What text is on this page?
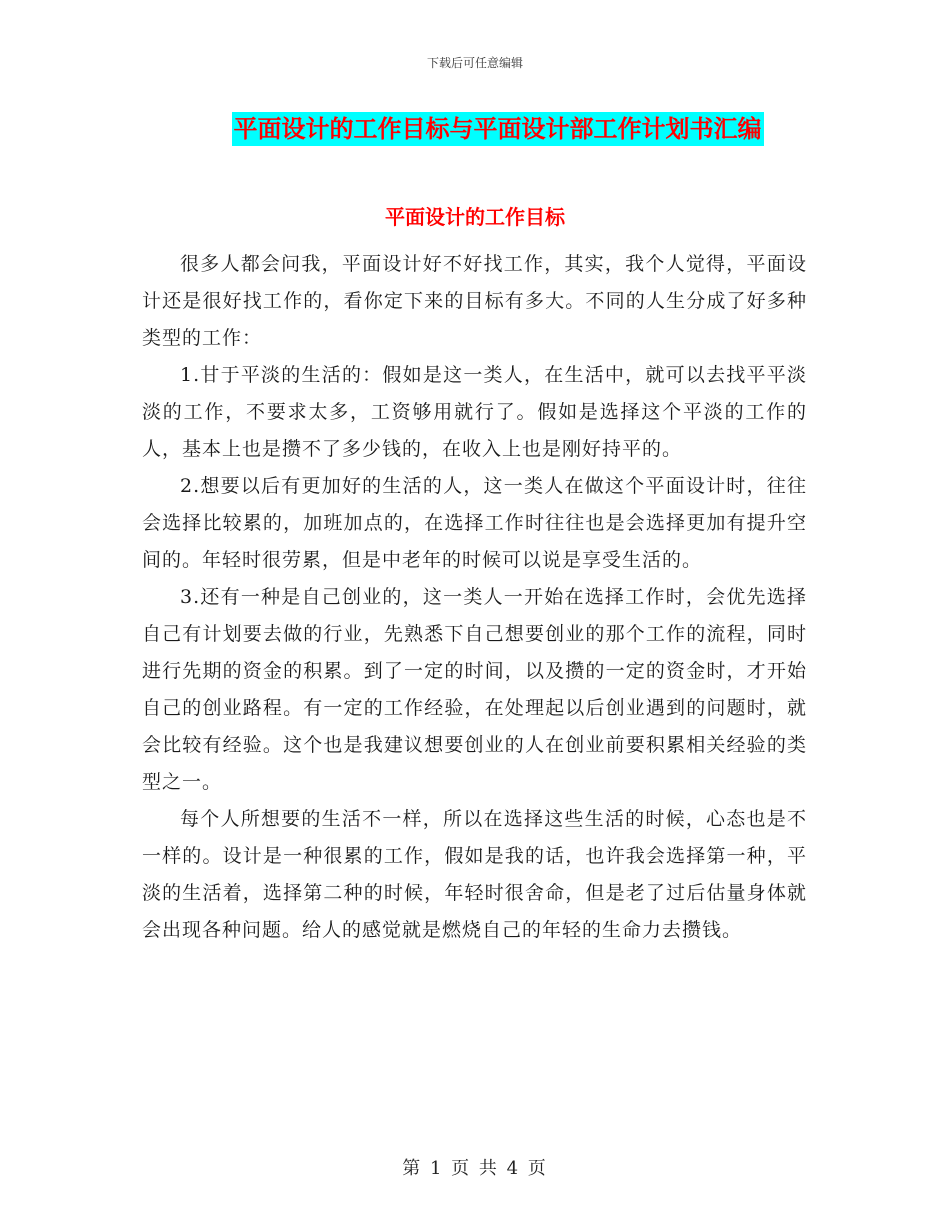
下载后可任意编辑
平面设计的工作目标与平面设计部工作计划书汇编
平面设计的工作目标

很多人都会问我，平面设计好不好找工作，其实，我个人觉得，平面设计还是很好找工作的，看你定下来的目标有多大。不同的人生分成了好多种类型的工作：

1.甘于平淡的生活的：假如是这一类人，在生活中，就可以去找平平淡淡的工作，不要求太多，工资够用就行了。假如是选择这个平淡的工作的人，基本上也是攒不了多少钱的，在收入上也是刚好持平的。

2.想要以后有更加好的生活的人，这一类人在做这个平面设计时，往往会选择比较累的，加班加点的，在选择工作时往往也是会选择更加有提升空间的。年轻时很劳累，但是中老年的时候可以说是享受生活的。

3.还有一种是自己创业的，这一类人一开始在选择工作时，会优先选择自己有计划要去做的行业，先熟悉下自己想要创业的那个工作的流程，同时进行先期的资金的积累。到了一定的时间，以及攒的一定的资金时，才开始自己的创业路程。有一定的工作经验，在处理起以后创业遇到的问题时，就会比较有经验。这个也是我建议想要创业的人在创业前要积累相关经验的类型之一。

每个人所想要的生活不一样，所以在选择这些生活的时候，心态也是不一样的。设计是一种很累的工作，假如是我的话，也许我会选择第一种，平淡的生活着，选择第二种的时候，年轻时很舍命，但是老了过后估量身体就会出现各种问题。给人的感觉就是燃烧自己的年轻的生命力去攒钱。

第 1 页 共 4 页
